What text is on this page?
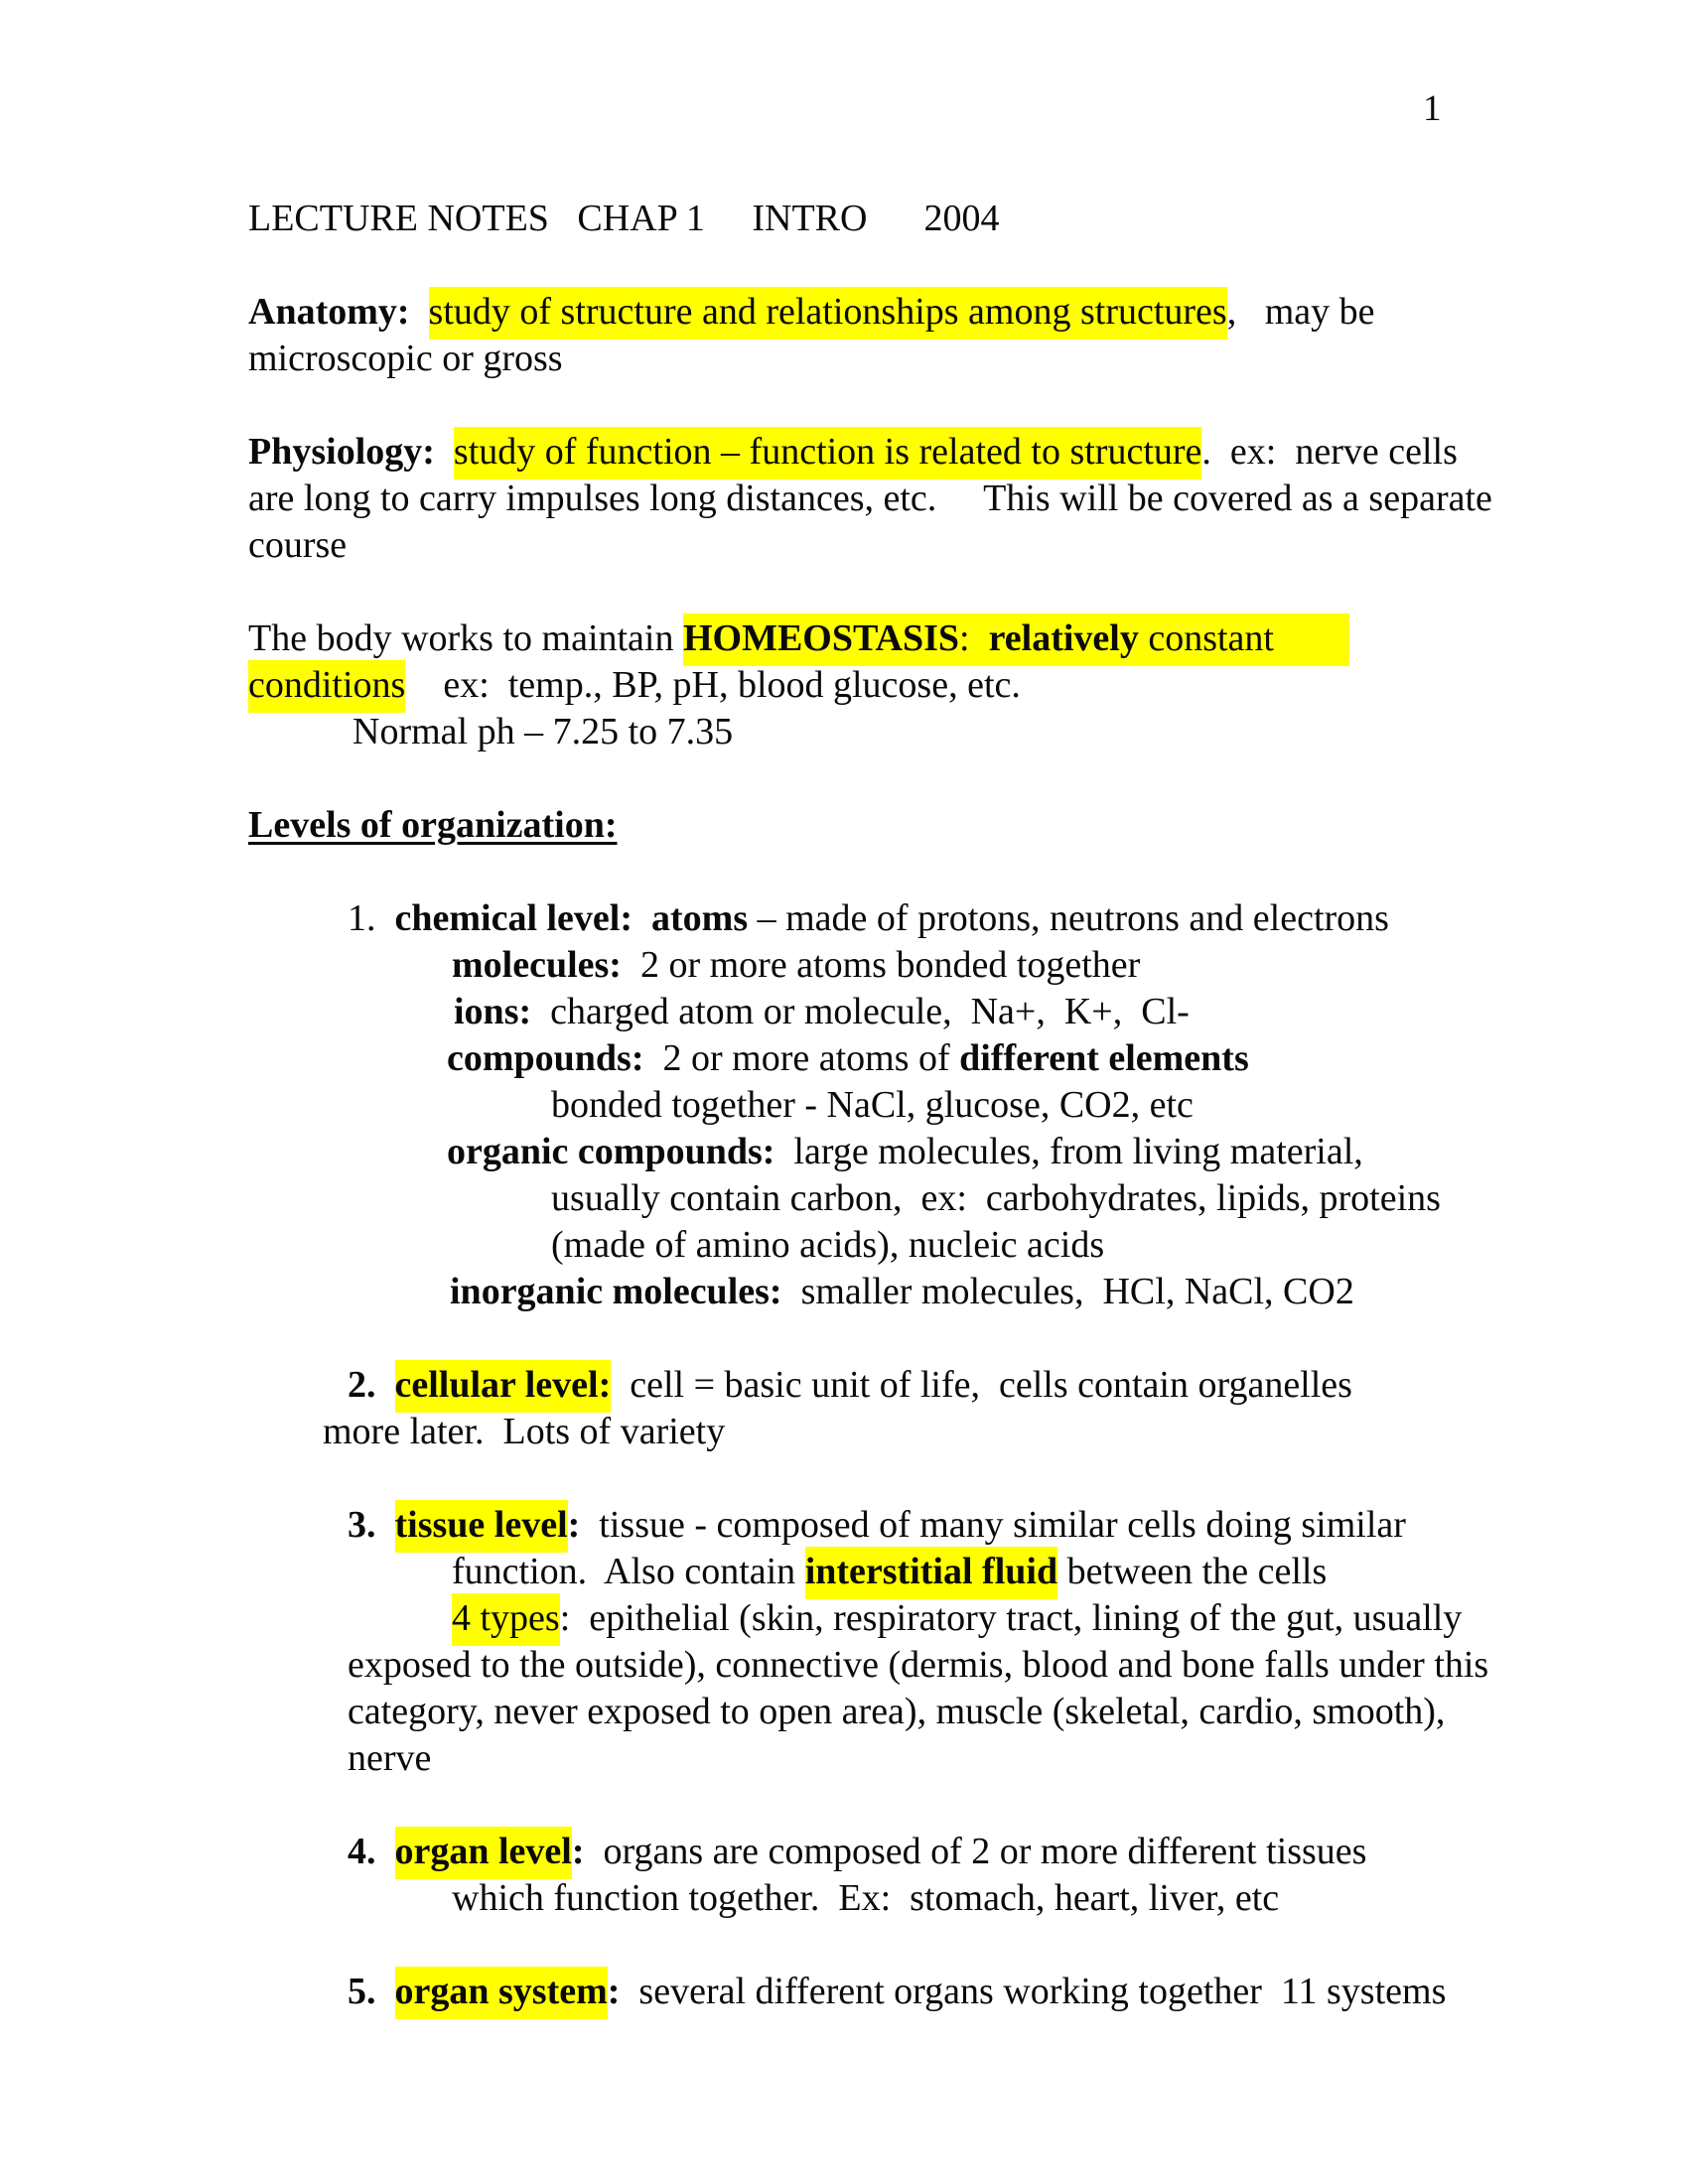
1
LECTURE NOTES   CHAP 1     INTRO      2004
Anatomy: study of structure and relationships among structures,   may be
microscopic or gross
Physiology: study of function – function is related to structure.  ex:  nerve cells
are long to carry impulses long distances, etc.     This will be covered as a separate
course
The body works to maintain HOMEOSTASIS:  relatively constant
conditions    ex:  temp., BP, pH, blood glucose, etc.
Normal ph – 7.25 to 7.35
Levels of organization:
1.  chemical level:  atoms – made of protons, neutrons and electrons
molecules:  2 or more atoms bonded together
ions:  charged atom or molecule,  Na+,  K+,  Cl-
compounds:  2 or more atoms of different elements
bonded together - NaCl, glucose, CO2, etc
organic compounds:  large molecules, from living material,
usually contain carbon,  ex:  carbohydrates, lipids, proteins
(made of amino acids), nucleic acids
inorganic molecules:  smaller molecules,  HCl, NaCl, CO2
2. cellular level:  cell = basic unit of life,  cells contain organelles
more later.  Lots of variety
3. tissue level:  tissue - composed of many similar cells doing similar
function.  Also contain interstitial fluid between the cells
4 types:  epithelial (skin, respiratory tract, lining of the gut, usually
exposed to the outside), connective (dermis, blood and bone falls under this
category, never exposed to open area), muscle (skeletal, cardio, smooth),
nerve
4. organ level:  organs are composed of 2 or more different tissues
which function together.  Ex:  stomach, heart, liver, etc
5. organ system:  several different organs working together  11 systems
